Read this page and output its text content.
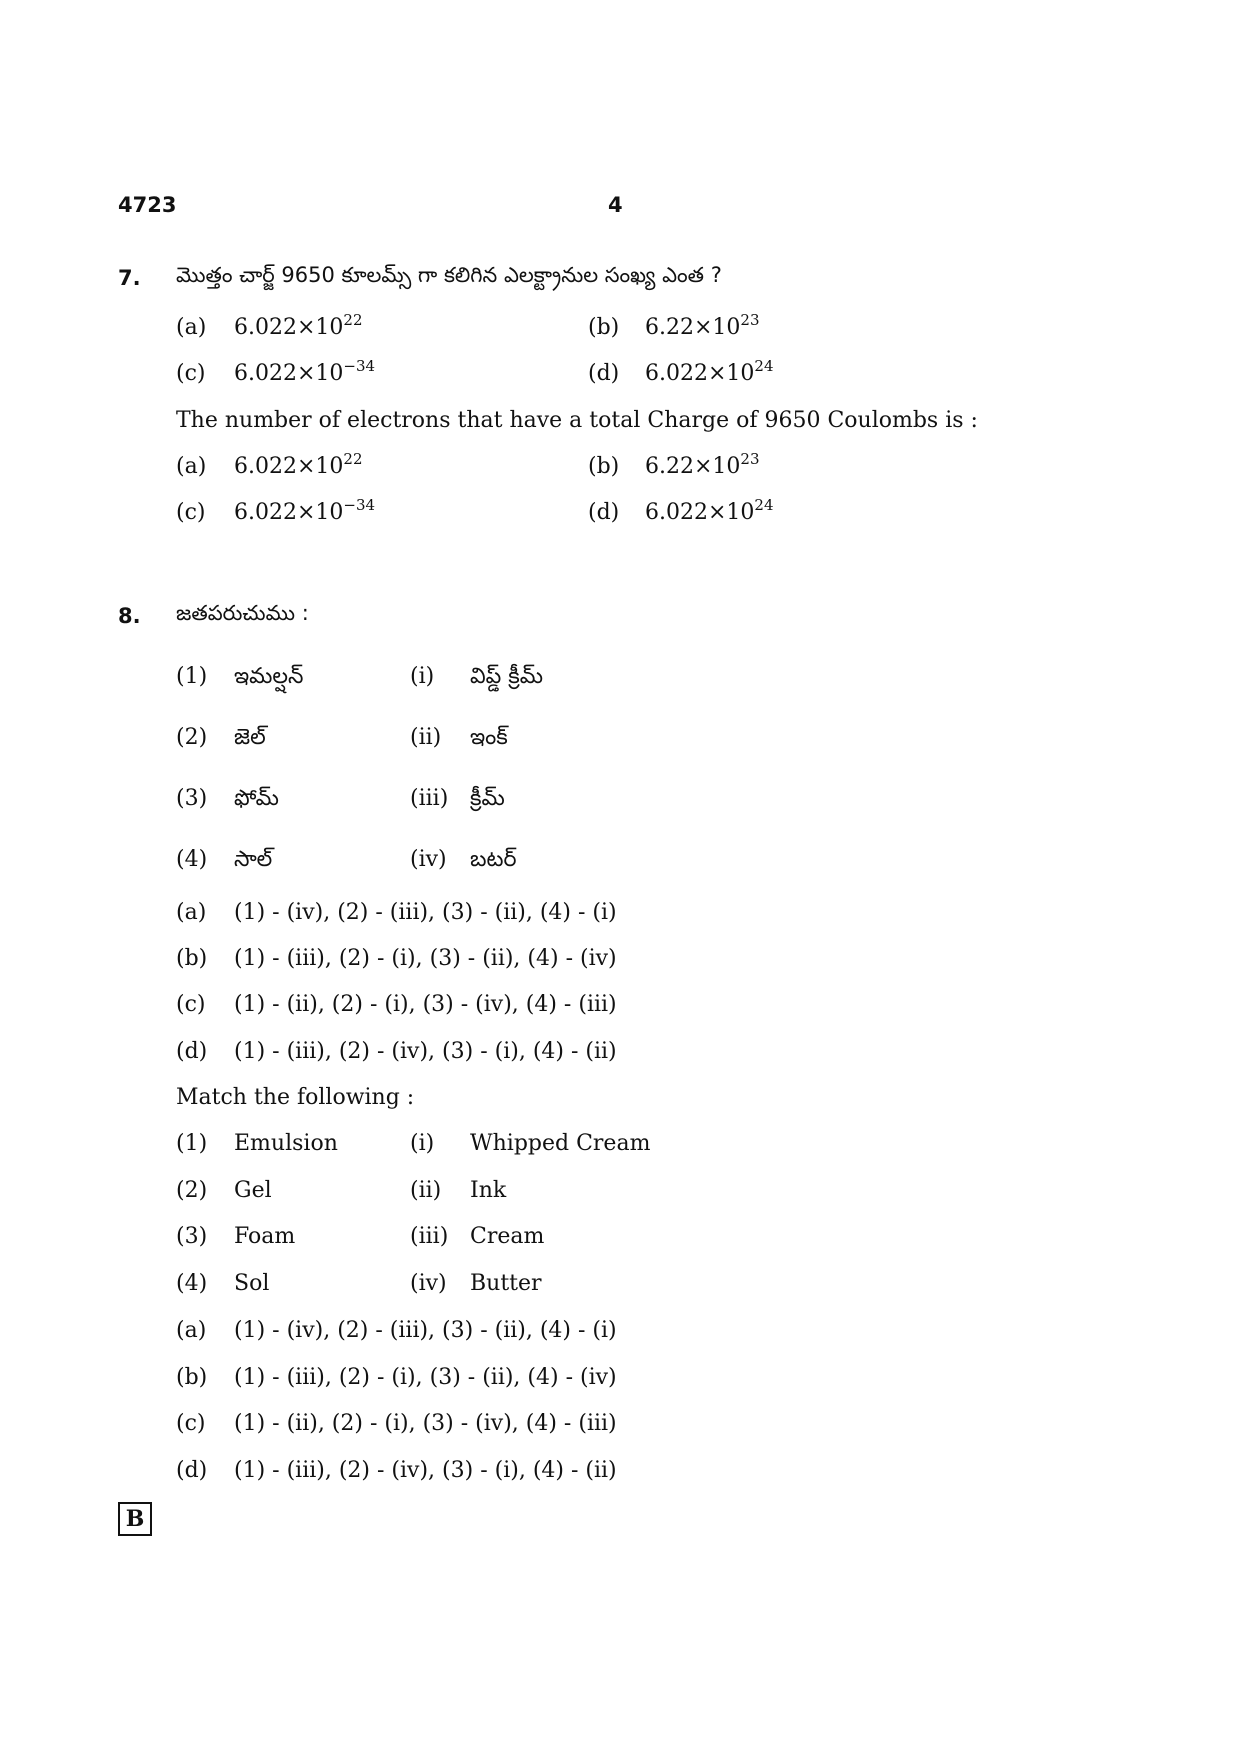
4723	4
7. మొత్తం చార్జ్ 9650 కూలమ్స్ గా కలిగిన ఎలక్ట్రానుల సంఖ్య ఎంత ?
(a) $6.022\times 10^{22}$	(b) $6.22\times 10^{23}$
(c) $6.022\times 10^{-34}$	(d) $6.022\times 10^{24}$
The number of electrons that have a total Charge of 9650 Coulombs is :
(a) $6.022\times 10^{22}$	(b) $6.22\times 10^{23}$
(c) $6.022\times 10^{-34}$	(d) $6.022\times 10^{24}$
8. జతపరుచుము :
(1) ఇమల్షన్	(i) విప్డ్ క్రీమ్
(2) జెల్	(ii) ఇంక్
(3) ఫోమ్	(iii) క్రీమ్
(4) సాల్	(iv) బటర్
(a) (1) - (iv), (2) - (iii), (3) - (ii), (4) - (i)
(b) (1) - (iii), (2) - (i), (3) - (ii), (4) - (iv)
(c) (1) - (ii), (2) - (i), (3) - (iv), (4) - (iii)
(d) (1) - (iii), (2) - (iv), (3) - (i), (4) - (ii)
Match the following :
(1) Emulsion	(i) Whipped Cream
(2) Gel	(ii) Ink
(3) Foam	(iii) Cream
(4) Sol	(iv) Butter
(a) (1) - (iv), (2) - (iii), (3) - (ii), (4) - (i)
(b) (1) - (iii), (2) - (i), (3) - (ii), (4) - (iv)
(c) (1) - (ii), (2) - (i), (3) - (iv), (4) - (iii)
(d) (1) - (iii), (2) - (iv), (3) - (i), (4) - (ii)
B
